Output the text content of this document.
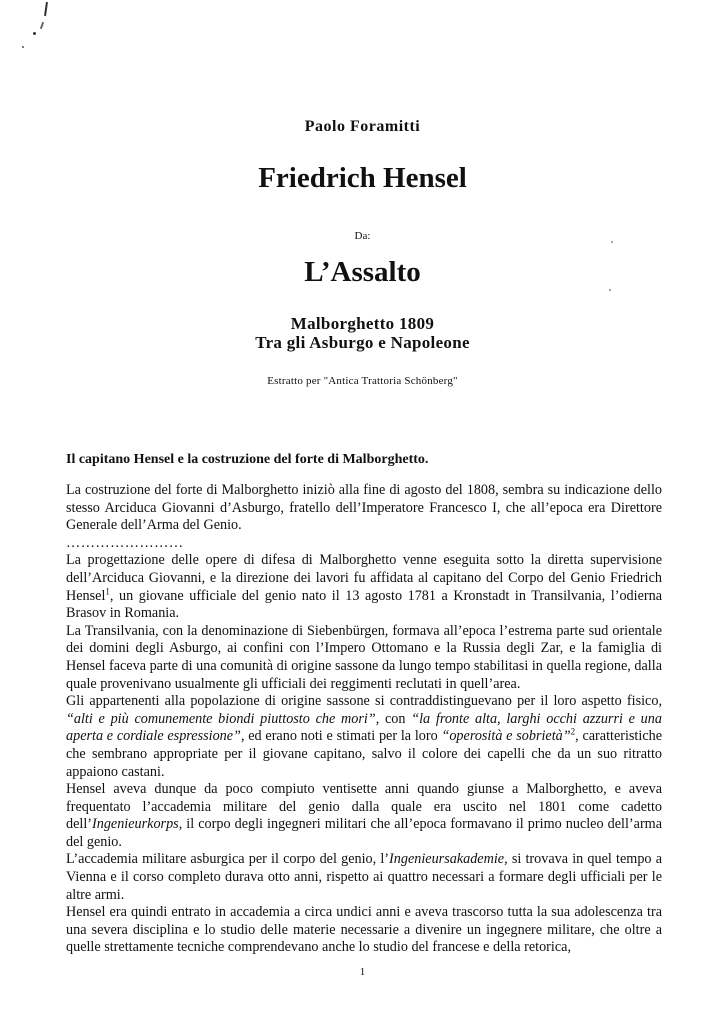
Paolo Foramitti
Friedrich Hensel
Da:
L’Assalto
Malborghetto 1809
Tra gli Asburgo e Napoleone
Estratto per "Antica Trattoria Schönberg"
Il capitano Hensel e la costruzione del forte di Malborghetto.

La costruzione del forte di Malborghetto iniziò alla fine di agosto del 1808, sembra su indicazione dello stesso Arciduca Giovanni d’Asburgo, fratello dell’Imperatore Francesco I, che all’epoca era Direttore Generale dell’Arma del Genio.

……………………

La progettazione delle opere di difesa di Malborghetto venne eseguita sotto la diretta supervisione dell’Arciduca Giovanni, e la direzione dei lavori fu affidata al capitano del Corpo del Genio Friedrich Hensel$^1$, un giovane ufficiale del genio nato il 13 agosto 1781 a Kronstadt in Transilvania, l’odierna Brasov in Romania.

La Transilvania, con la denominazione di Siebenbürgen, formava all’epoca l’estrema parte sud orientale dei domini degli Asburgo, ai confini con l’Impero Ottomano e la Russia degli Zar, e la famiglia di Hensel faceva parte di una comunità di origine sassone da lungo tempo stabilitasi in quella regione, dalla quale provenivano usualmente gli ufficiali dei reggimenti reclutati in quell’area.

Gli appartenenti alla popolazione di origine sassone si contraddistinguevano per il loro aspetto fisico, “alti e più comunemente biondi piuttosto che mori”, con “la fronte alta, larghi occhi azzurri e una aperta e cordiale espressione”, ed erano noti e stimati per la loro “operosità e sobrietà”$^2$, caratteristiche che sembrano appropriate per il giovane capitano, salvo il colore dei capelli che da un suo ritratto appaiono castani.

Hensel aveva dunque da poco compiuto ventisette anni quando giunse a Malborghetto, e aveva frequentato l’accademia militare del genio dalla quale era uscito nel 1801 come cadetto dell’Ingenieurkorps, il corpo degli ingegneri militari che all’epoca formavano il primo nucleo dell’arma del genio.

L’accademia militare asburgica per il corpo del genio, l’Ingenieursakademie, si trovava in quel tempo a Vienna e il corso completo durava otto anni, rispetto ai quattro necessari a formare degli ufficiali per le altre armi.

Hensel era quindi entrato in accademia a circa undici anni e aveva trascorso tutta la sua adolescenza tra una severa disciplina e lo studio delle materie necessarie a divenire un ingegnere militare, che oltre a quelle strettamente tecniche comprendevano anche lo studio del francese e della retorica,

1
